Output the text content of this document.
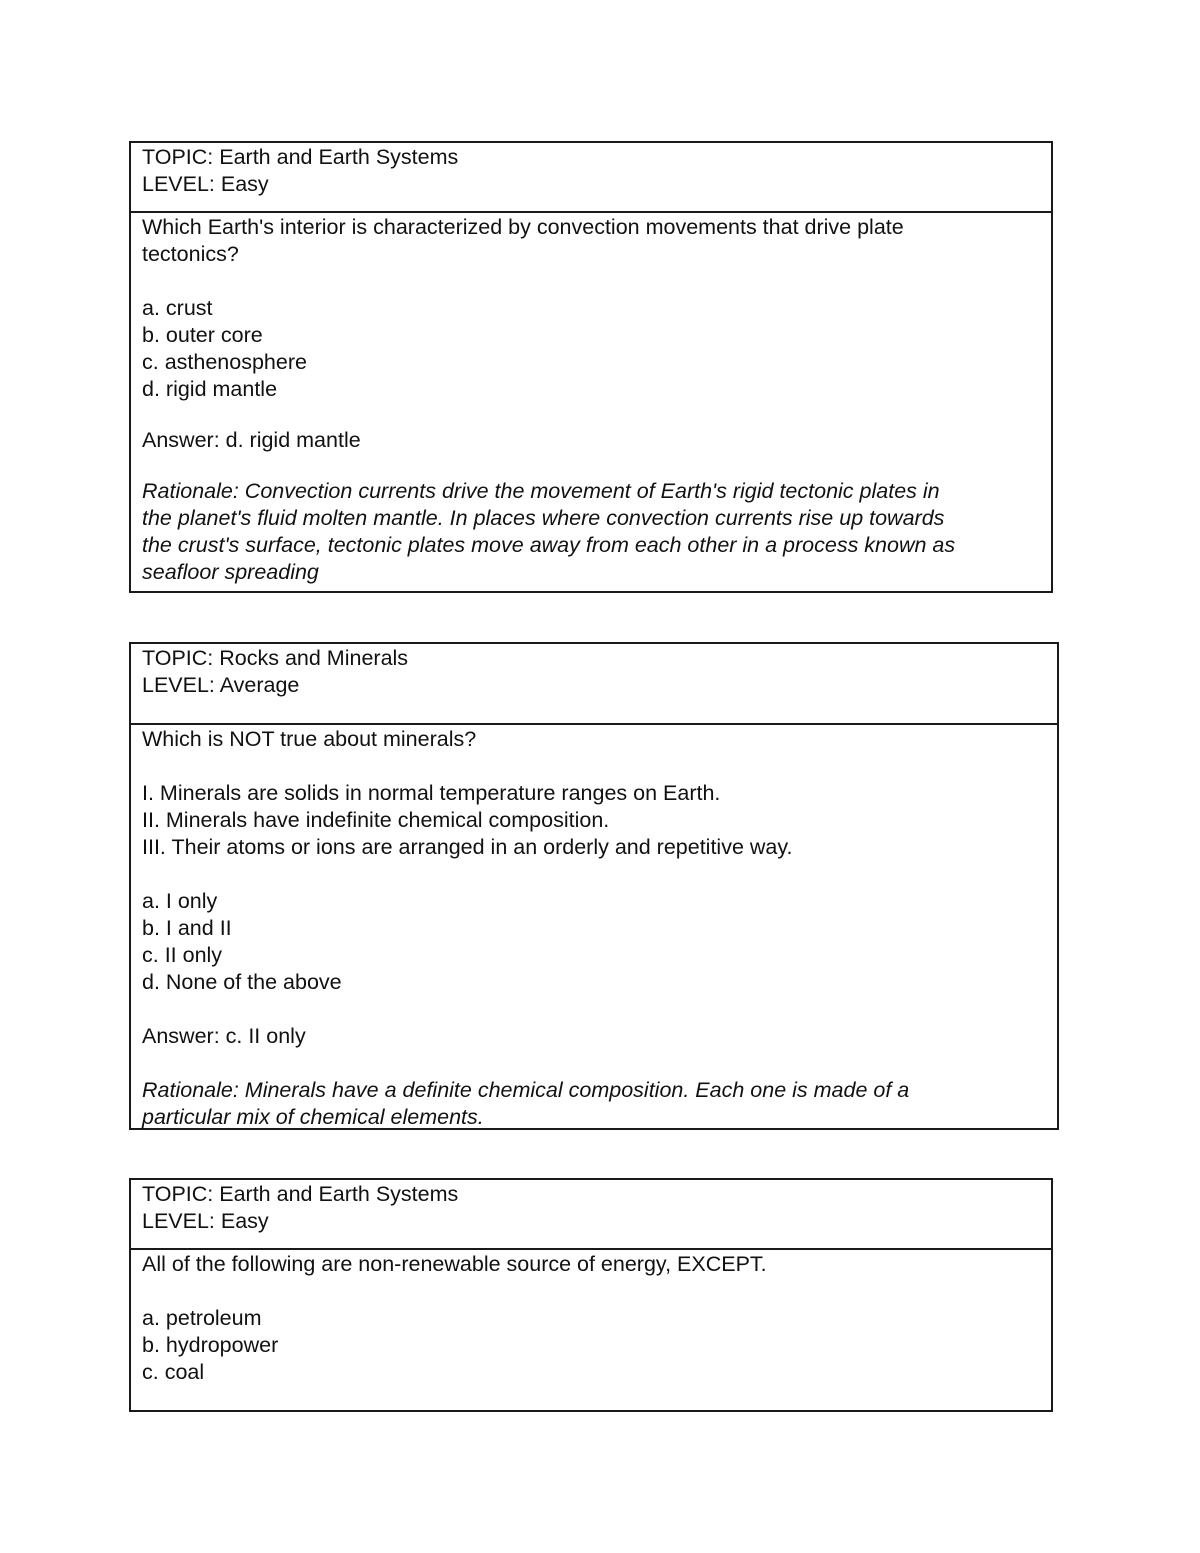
TOPIC: Earth and Earth Systems

LEVEL: Easy

Which Earth's interior is characterized by convection movements that drive plate

tectonics?

a. crust

b. outer core

c. asthenosphere

d. rigid mantle

Answer: d. rigid mantle

Rationale: Convection currents drive the movement of Earth's rigid tectonic plates in

the planet's fluid molten mantle. In places where convection currents rise up towards

the crust's surface, tectonic plates move away from each other in a process known as

seafloor spreading

TOPIC: Rocks and Minerals

LEVEL: Average

Which is NOT true about minerals?

I. Minerals are solids in normal temperature ranges on Earth.

II. Minerals have indefinite chemical composition.

III. Their atoms or ions are arranged in an orderly and repetitive way.

a. I only

b. I and II

c. II only

d. None of the above

Answer: c. II only

Rationale: Minerals have a definite chemical composition. Each one is made of a

particular mix of chemical elements.

TOPIC: Earth and Earth Systems

LEVEL: Easy

All of the following are non-renewable source of energy, EXCEPT.

a. petroleum

b. hydropower

c. coal
